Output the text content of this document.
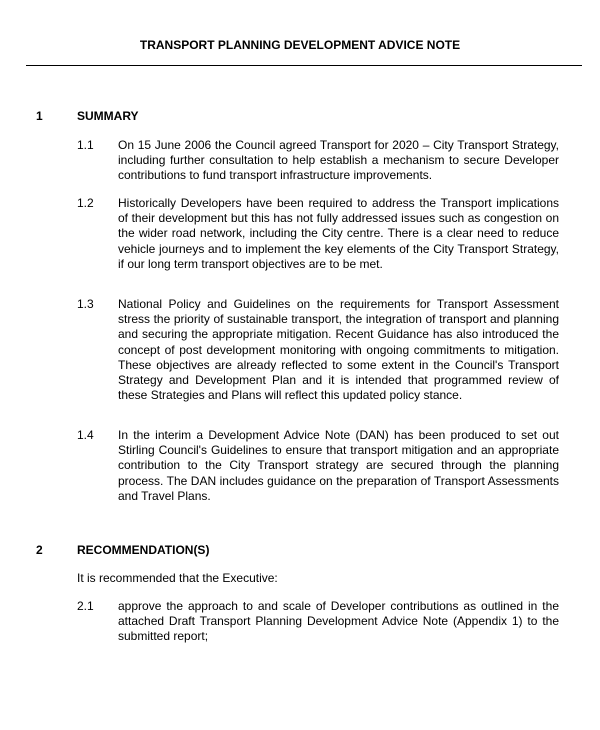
TRANSPORT PLANNING DEVELOPMENT ADVICE NOTE
1	SUMMARY
1.1 On 15 June 2006 the Council agreed Transport for 2020 – City Transport Strategy, including further consultation to help establish a mechanism to secure Developer contributions to fund transport infrastructure improvements.
1.2 Historically Developers have been required to address the Transport implications of their development but this has not fully addressed issues such as congestion on the wider road network, including the City centre. There is a clear need to reduce vehicle journeys and to implement the key elements of the City Transport Strategy, if our long term transport objectives are to be met.
1.3 National Policy and Guidelines on the requirements for Transport Assessment stress the priority of sustainable transport, the integration of transport and planning and securing the appropriate mitigation. Recent Guidance has also introduced the concept of post development monitoring with ongoing commitments to mitigation. These objectives are already reflected to some extent in the Council's Transport Strategy and Development Plan and it is intended that programmed review of these Strategies and Plans will reflect this updated policy stance.
1.4 In the interim a Development Advice Note (DAN) has been produced to set out Stirling Council's Guidelines to ensure that transport mitigation and an appropriate contribution to the City Transport strategy are secured through the planning process. The DAN includes guidance on the preparation of Transport Assessments and Travel Plans.
2	RECOMMENDATION(S)
It is recommended that the Executive:
2.1 approve the approach to and scale of Developer contributions as outlined in the attached Draft Transport Planning Development Advice Note (Appendix 1) to the submitted report;
